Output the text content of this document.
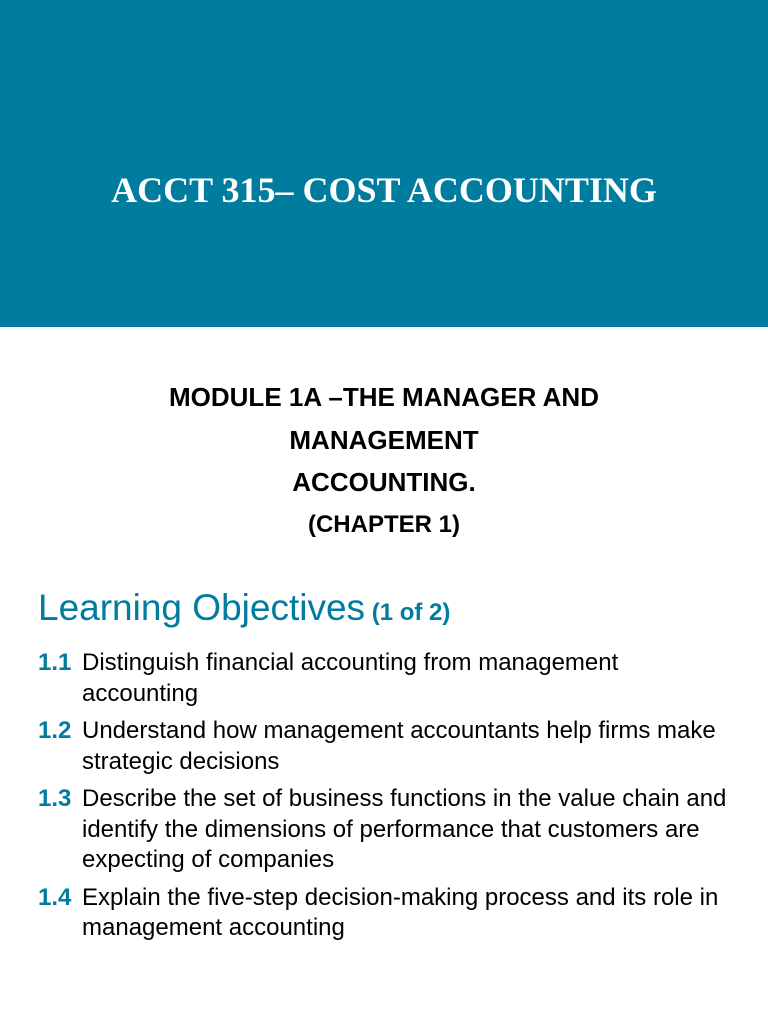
ACCT 315– COST ACCOUNTING
MODULE 1A –THE MANAGER AND
MANAGEMENT
ACCOUNTING.
(CHAPTER 1)
Learning Objectives (1 of 2)
1.1 Distinguish financial accounting from management accounting
1.2 Understand how management accountants help firms make strategic decisions
1.3 Describe the set of business functions in the value chain and identify the dimensions of performance that customers are expecting of companies
1.4 Explain the five-step decision-making process and its role in management accounting
